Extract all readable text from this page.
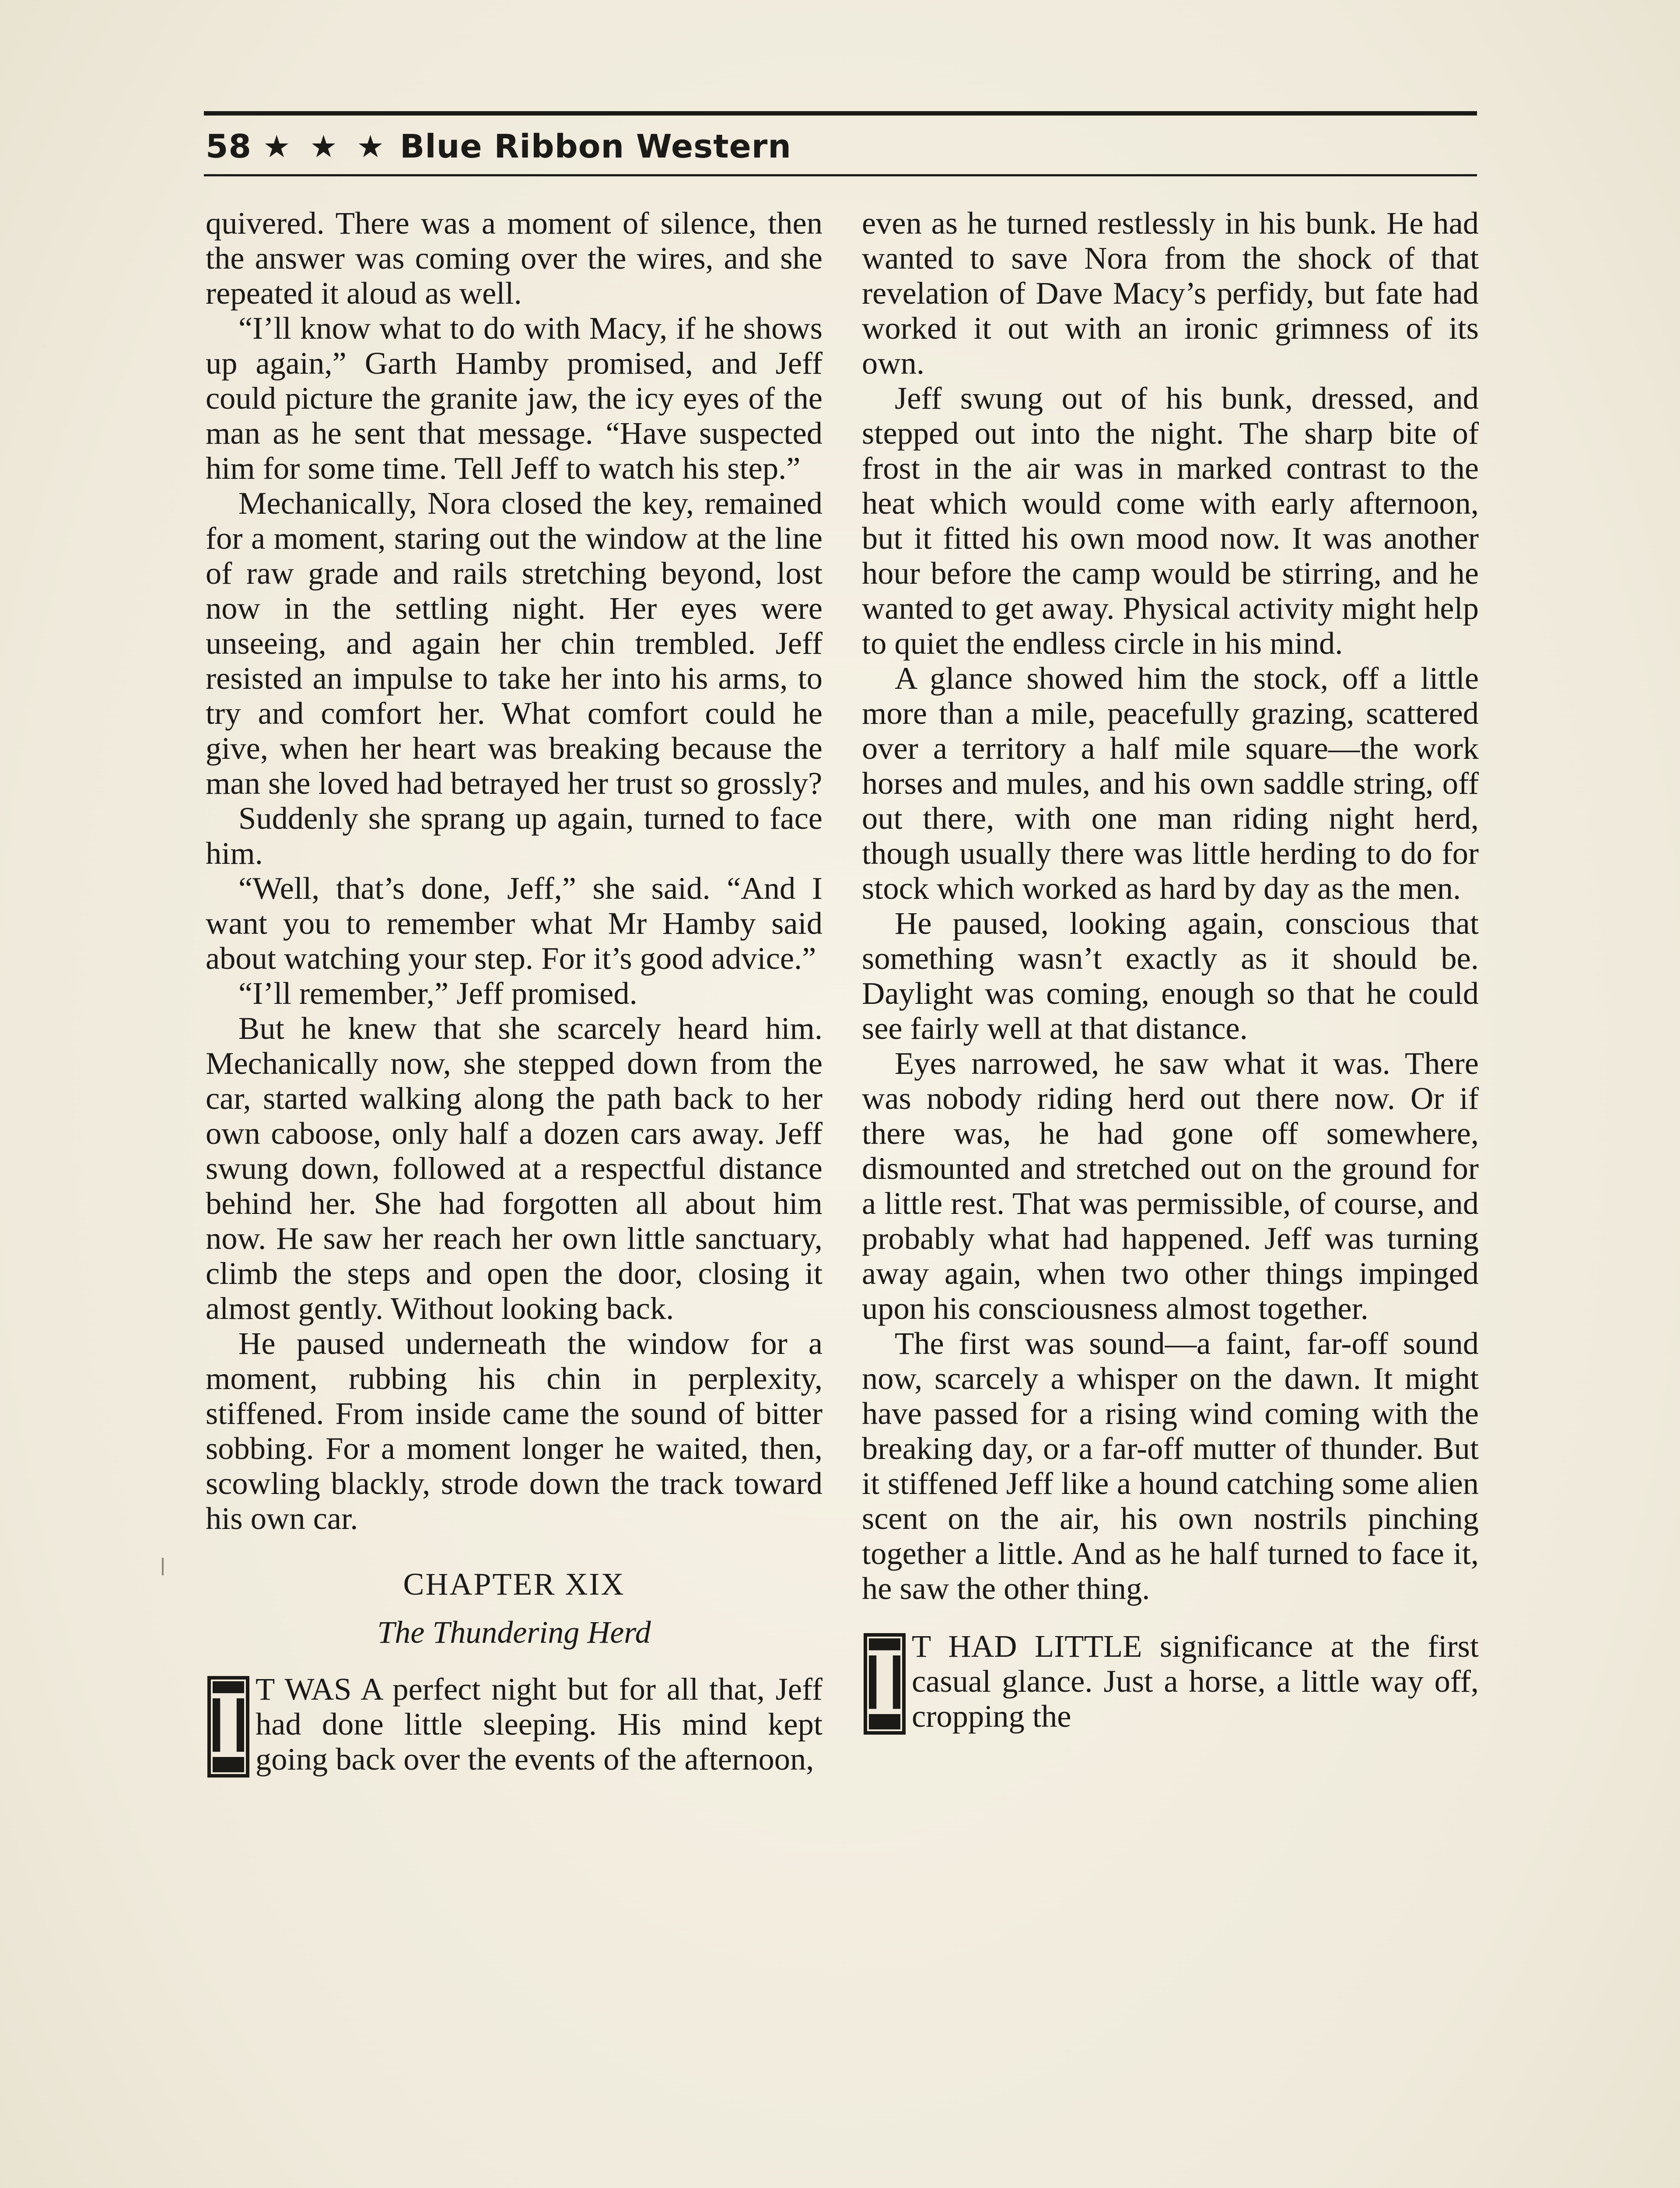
58 ★ ★ ★ Blue Ribbon Western

quivered. There was a moment of silence, then the answer was coming over the wires, and she repeated it aloud as well.

“I’ll know what to do with Macy, if he shows up again,” Garth Hamby promised, and Jeff could picture the granite jaw, the icy eyes of the man as he sent that message. “Have suspected him for some time. Tell Jeff to watch his step.”

Mechanically, Nora closed the key, remained for a moment, staring out the window at the line of raw grade and rails stretching beyond, lost now in the settling night. Her eyes were unseeing, and again her chin trembled. Jeff resisted an impulse to take her into his arms, to try and comfort her. What comfort could he give, when her heart was breaking because the man she loved had betrayed her trust so grossly?

Suddenly she sprang up again, turned to face him.

“Well, that’s done, Jeff,” she said. “And I want you to remember what Mr Hamby said about watching your step. For it’s good advice.”

“I’ll remember,” Jeff promised.

But he knew that she scarcely heard him. Mechanically now, she stepped down from the car, started walking along the path back to her own caboose, only half a dozen cars away. Jeff swung down, followed at a respectful distance behind her. She had forgotten all about him now. He saw her reach her own little sanctuary, climb the steps and open the door, closing it almost gently. Without looking back.

He paused underneath the window for a moment, rubbing his chin in perplexity, stiffened. From inside came the sound of bitter sobbing. For a moment longer he waited, then, scowling blackly, strode down the track toward his own car.

CHAPTER XIX

The Thundering Herd

I T WAS A perfect night but for all that, Jeff had done little sleeping. His mind kept going back over the events of the afternoon,

even as he turned restlessly in his bunk. He had wanted to save Nora from the shock of that revelation of Dave Macy’s perfidy, but fate had worked it out with an ironic grimness of its own.

Jeff swung out of his bunk, dressed, and stepped out into the night. The sharp bite of frost in the air was in marked contrast to the heat which would come with early afternoon, but it fitted his own mood now. It was another hour before the camp would be stirring, and he wanted to get away. Physical activity might help to quiet the endless circle in his mind.

A glance showed him the stock, off a little more than a mile, peacefully grazing, scattered over a territory a half mile square—the work horses and mules, and his own saddle string, off out there, with one man riding night herd, though usually there was little herding to do for stock which worked as hard by day as the men.

He paused, looking again, conscious that something wasn’t exactly as it should be. Daylight was coming, enough so that he could see fairly well at that distance.

Eyes narrowed, he saw what it was. There was nobody riding herd out there now. Or if there was, he had gone off somewhere, dismounted and stretched out on the ground for a little rest. That was permissible, of course, and probably what had happened. Jeff was turning away again, when two other things impinged upon his consciousness almost together.

The first was sound—a faint, far-off sound now, scarcely a whisper on the dawn. It might have passed for a rising wind coming with the breaking day, or a far-off mutter of thunder. But it stiffened Jeff like a hound catching some alien scent on the air, his own nostrils pinching together a little. And as he half turned to face it, he saw the other thing.

I T HAD LITTLE significance at the first casual glance. Just a horse, a little way off, cropping the
